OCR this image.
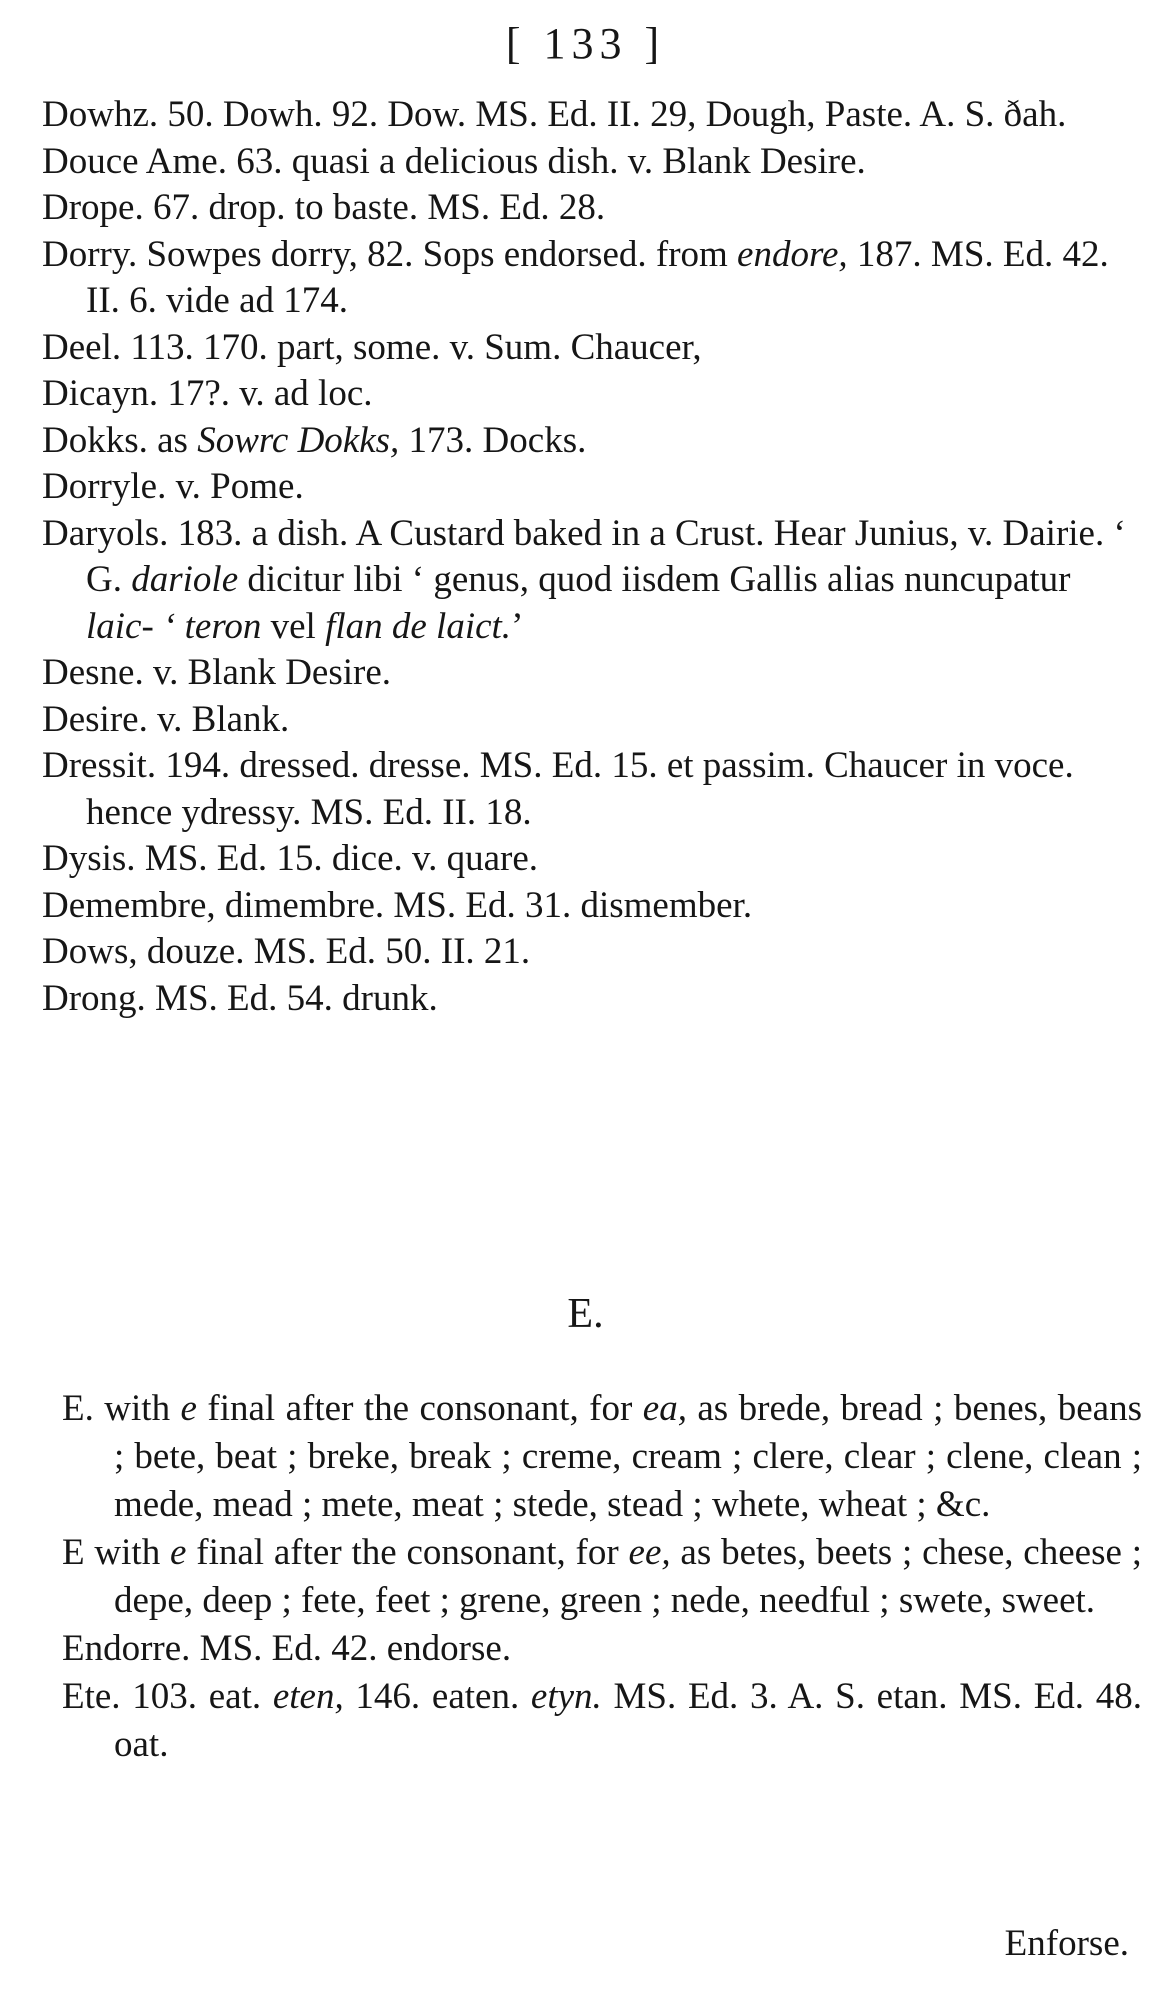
[ 133 ]

Dowhz. 50. Dowh. 92. Dow. MS. Ed. II. 29, Dough, Paste. A. S. ðah.

Douce Ame. 63. quasi a delicious dish. v. Blank Desire.

Drope. 67. drop. to baste. MS. Ed. 28.

Dorry. Sowpes dorry, 82. Sops endorsed. from endore, 187. MS. Ed. 42. II. 6. vide ad 174.

Deel. 113. 170. part, some. v. Sum. Chaucer,

Dicayn. 17?. v. ad loc.

Dokks. as Sowrc Dokks, 173. Docks.

Dorryle. v. Pome.

Daryols. 183. a dish. A Custard baked in a Crust. Hear Junius, v. Dairie. ‘ G. dariole dicitur libi ‘ genus, quod iisdem Gallis alias nuncupatur laic- ‘ teron vel flan de laict.’

Desne. v. Blank Desire.

Desire. v. Blank.

Dressit. 194. dressed. dresse. MS. Ed. 15. et passim. Chaucer in voce. hence ydressy. MS. Ed. II. 18.

Dysis. MS. Ed. 15. dice. v. quare.

Demembre, dimembre. MS. Ed. 31. dismember.

Dows, douze. MS. Ed. 50. II. 21.

Drong. MS. Ed. 54. drunk.

E.

E. with e final after the consonant, for ea, as brede, bread ; benes, beans ; bete, beat ; breke, break ; creme, cream ; clere, clear ; clene, clean ; mede, mead ; mete, meat ; stede, stead ; whete, wheat ; &c.

E with e final after the consonant, for ee, as betes, beets ; chese, cheese ; depe, deep ; fete, feet ; grene, green ; nede, needful ; swete, sweet.

Endorre. MS. Ed. 42. endorse.

Ete. 103. eat. eten, 146. eaten. etyn. MS. Ed. 3. A. S. etan. MS. Ed. 48. oat.

Enforse.
